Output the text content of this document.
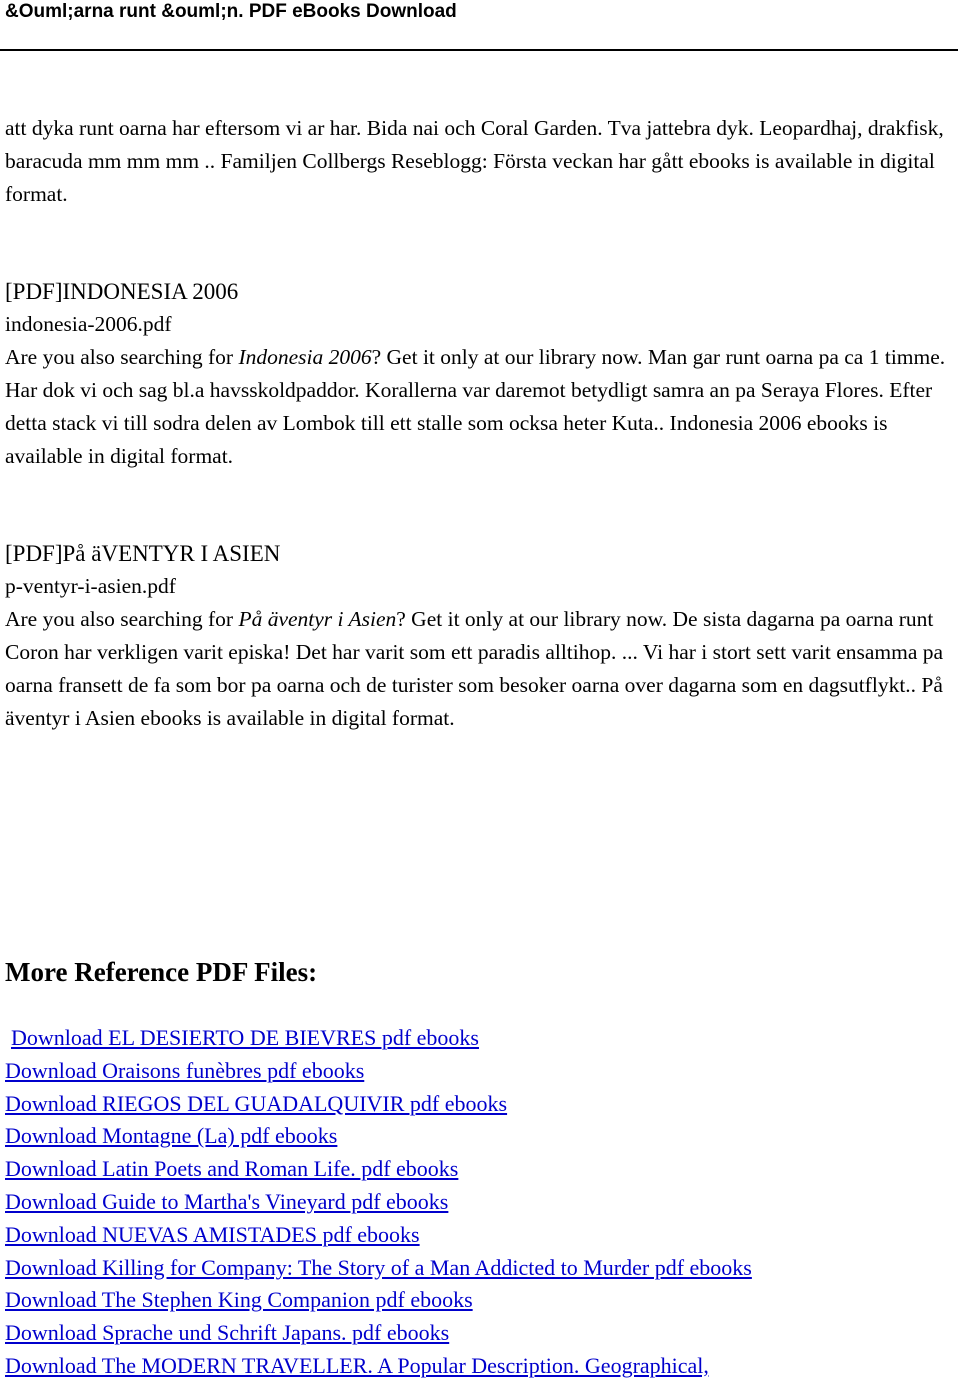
&Ouml;arna runt &ouml;n. PDF eBooks Download

att dyka runt oarna har eftersom vi ar har. Bida nai och Coral Garden. Tva jattebra dyk. Leopardhaj, drakfisk, baracuda mm mm mm .. Familjen Collbergs Reseblogg: Första veckan har gått ebooks is available in digital format.

[PDF]INDONESIA 2006

indonesia-2006.pdf

Are you also searching for Indonesia 2006? Get it only at our library now. Man gar runt oarna pa ca 1 timme. Har dok vi och sag bl.a havsskoldpaddor. Korallerna var daremot betydligt samra an pa Seraya Flores. Efter detta stack vi till sodra delen av Lombok till ett stalle som ocksa heter Kuta.. Indonesia 2006 ebooks is available in digital format.

[PDF]På äVENTYR I ASIEN

p-ventyr-i-asien.pdf

Are you also searching for På äventyr i Asien? Get it only at our library now. De sista dagarna pa oarna runt Coron har verkligen varit episka! Det har varit som ett paradis alltihop. ... Vi har i stort sett varit ensamma pa oarna fransett de fa som bor pa oarna och de turister som besoker oarna over dagarna som en dagsutflykt.. På äventyr i Asien ebooks is available in digital format.

More Reference PDF Files:
Download EL DESIERTO DE BIEVRES pdf ebooks
Download Oraisons funèbres pdf ebooks
Download RIEGOS DEL GUADALQUIVIR pdf ebooks
Download Montagne (La) pdf ebooks
Download Latin Poets and Roman Life. pdf ebooks
Download Guide to Martha's Vineyard pdf ebooks
Download NUEVAS AMISTADES pdf ebooks
Download Killing for Company: The Story of a Man Addicted to Murder pdf ebooks
Download The Stephen King Companion pdf ebooks
Download Sprache und Schrift Japans. pdf ebooks
Download The MODERN TRAVELLER. A Popular Description. Geographical,
